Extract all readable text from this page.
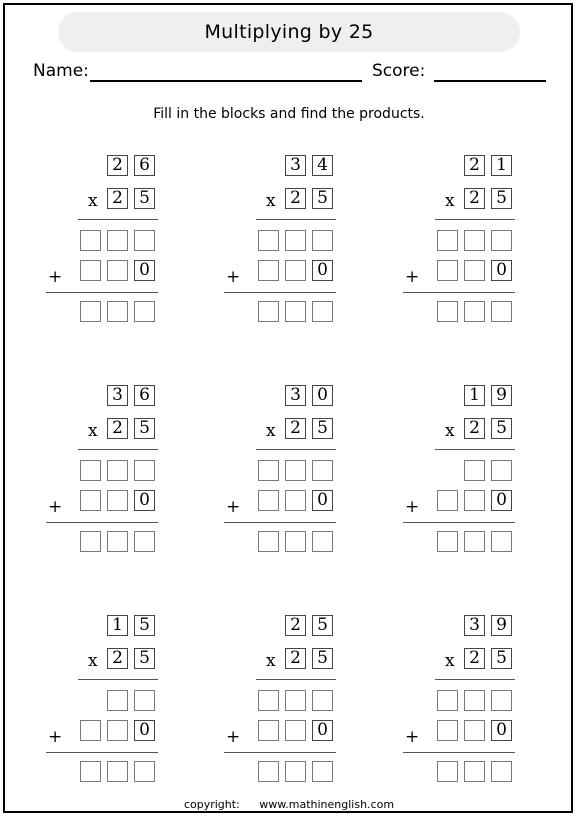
Multiplying by 25
Name:	Score:
Fill in the blocks and find the products.
2 6
x 2 5
+	0
3 4
x 2 5
+	0
2 1
x 2 5
+	0
3 6
x 2 5
+	0
3 0
x 2 5
+	0
1 9
x 2 5
+	0
1 5
x 2 5
+	0
2 5
x 2 5
+	0
3 9
x 2 5
+	0
copyright: www.mathinenglish.com
